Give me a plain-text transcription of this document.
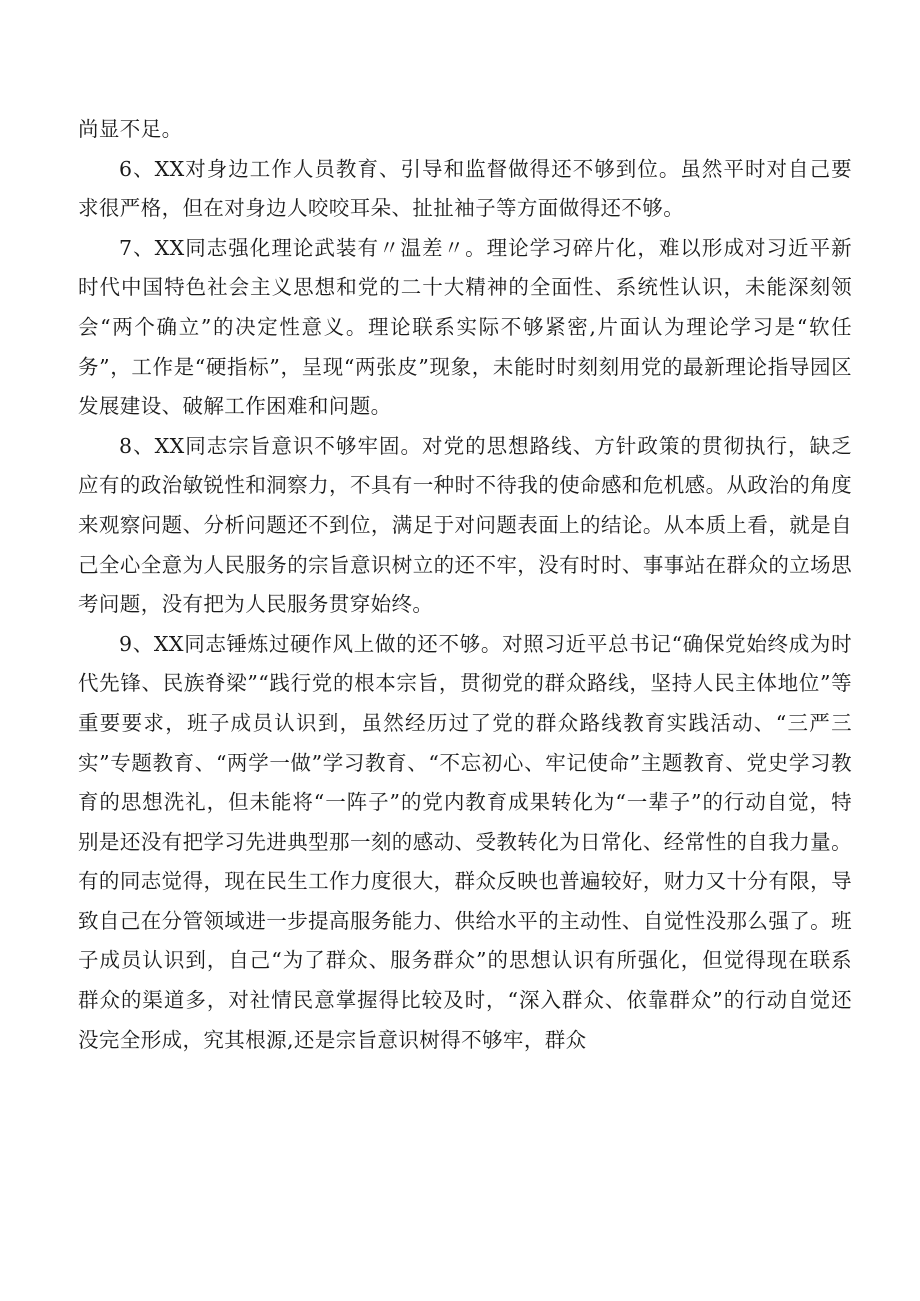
尚显不足。

6、XX对身边工作人员教育、引导和监督做得还不够到位。虽然平时对自己要求很严格，但在对身边人咬咬耳朵、扯扯袖子等方面做得还不够。

7、XX同志强化理论武装有〃温差〃。理论学习碎片化，难以形成对习近平新时代中国特色社会主义思想和党的二十大精神的全面性、系统性认识，未能深刻领会“两个确立”的决定性意义。理论联系实际不够紧密,片面认为理论学习是“软任务”，工作是“硬指标”，呈现“两张皮”现象，未能时时刻刻用党的最新理论指导园区发展建设、破解工作困难和问题。

8、XX同志宗旨意识不够牢固。对党的思想路线、方针政策的贯彻执行，缺乏应有的政治敏锐性和洞察力，不具有一种时不待我的使命感和危机感。从政治的角度来观察问题、分析问题还不到位，满足于对问题表面上的结论。从本质上看，就是自己全心全意为人民服务的宗旨意识树立的还不牢，没有时时、事事站在群众的立场思考问题，没有把为人民服务贯穿始终。

9、XX同志锤炼过硬作风上做的还不够。对照习近平总书记“确保党始终成为时代先锋、民族脊梁”“践行党的根本宗旨，贯彻党的群众路线，坚持人民主体地位”等重要要求，班子成员认识到，虽然经历过了党的群众路线教育实践活动、“三严三实”专题教育、“两学一做”学习教育、“不忘初心、牢记使命”主题教育、党史学习教育的思想洗礼，但未能将“一阵子”的党内教育成果转化为“一辈子”的行动自觉，特别是还没有把学习先进典型那一刻的感动、受教转化为日常化、经常性的自我力量。有的同志觉得，现在民生工作力度很大，群众反映也普遍较好，财力又十分有限，导致自己在分管领域进一步提高服务能力、供给水平的主动性、自觉性没那么强了。班子成员认识到，自己“为了群众、服务群众”的思想认识有所强化，但觉得现在联系群众的渠道多，对社情民意掌握得比较及时，“深入群众、依靠群众”的行动自觉还没完全形成，究其根源,还是宗旨意识树得不够牢，群众
